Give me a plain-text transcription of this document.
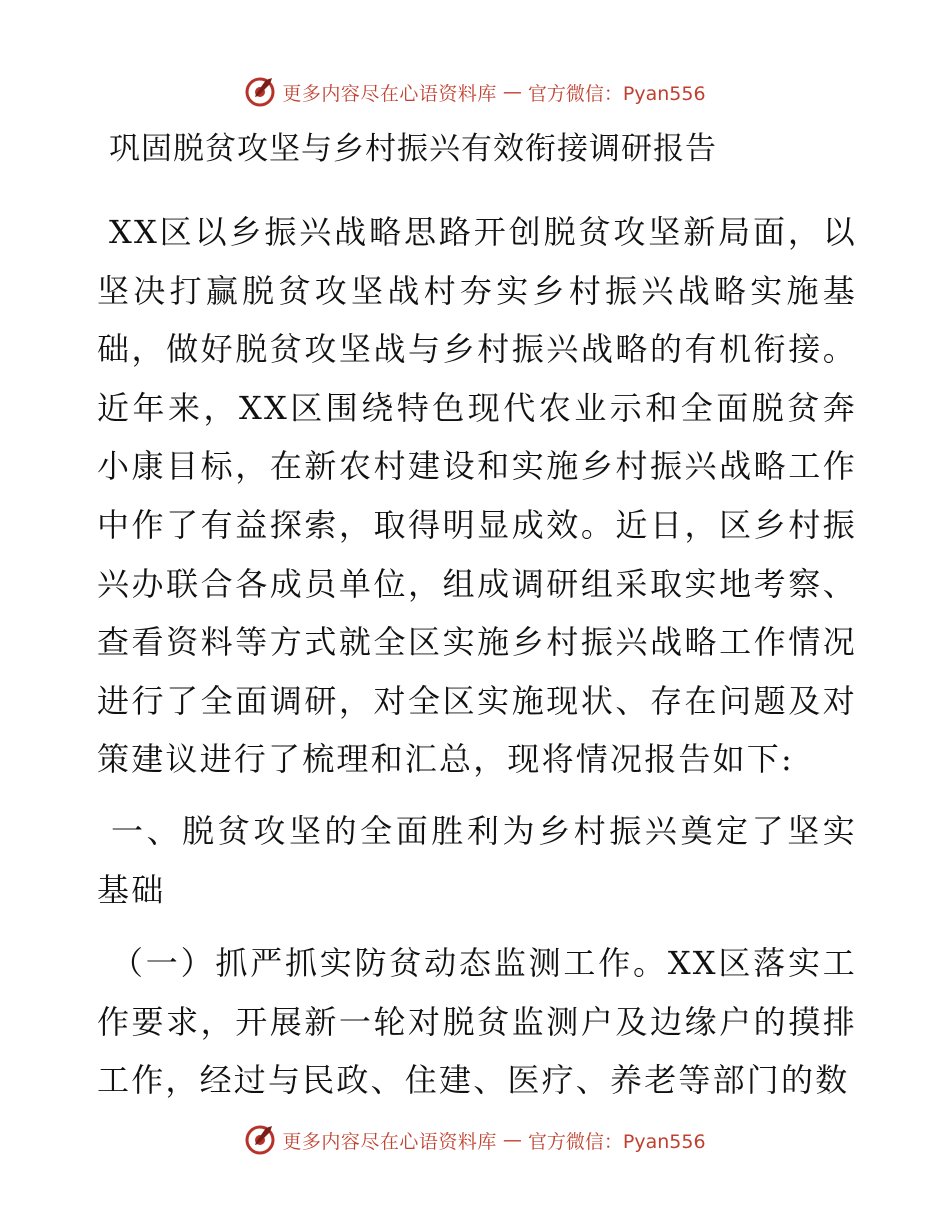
更多内容尽在心语资料库 — 官方微信：Pyan556
巩固脱贫攻坚与乡村振兴有效衔接调研报告

XX区以乡振兴战略思路开创脱贫攻坚新局面，以坚决打赢脱贫攻坚战村夯实乡村振兴战略实施基础，做好脱贫攻坚战与乡村振兴战略的有机衔接。近年来，XX区围绕特色现代农业示和全面脱贫奔小康目标，在新农村建设和实施乡村振兴战略工作中作了有益探索，取得明显成效。近日，区乡村振兴办联合各成员单位，组成调研组采取实地考察、查看资料等方式就全区实施乡村振兴战略工作情况进行了全面调研，对全区实施现状、存在问题及对策建议进行了梳理和汇总，现将情况报告如下:

一、脱贫攻坚的全面胜利为乡村振兴奠定了坚实基础

（一）抓严抓实防贫动态监测工作。XX区落实工作要求，开展新一轮对脱贫监测户及边缘户的摸排工作，经过与民政、住建、医疗、养老等部门的数

更多内容尽在心语资料库 — 官方微信：Pyan556
